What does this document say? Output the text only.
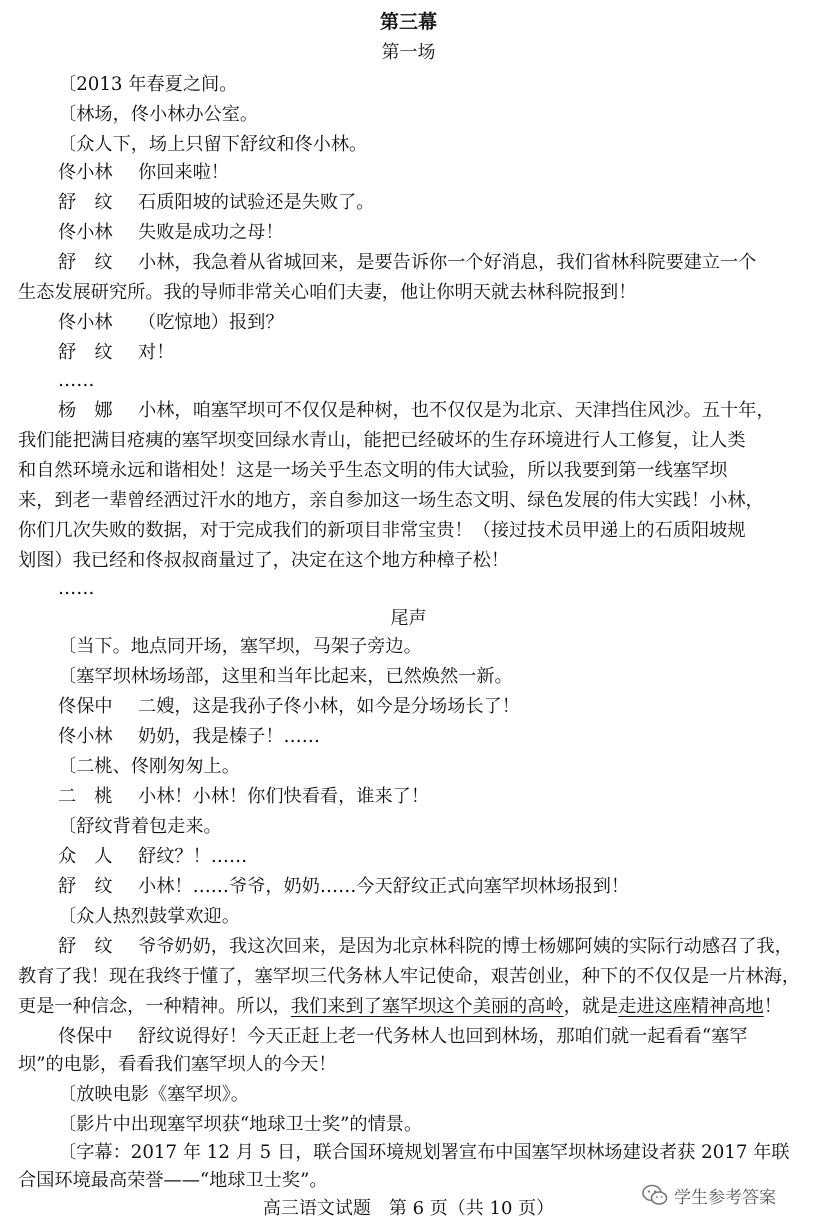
第三幕
第一场
〔2013 年春夏之间。
〔林场，佟小林办公室。
〔众人下，场上只留下舒纹和佟小林。
佟小林 你回来啦！
舒　纹 石质阳坡的试验还是失败了。
佟小林 失败是成功之母！
舒　纹 小林，我急着从省城回来，是要告诉你一个好消息，我们省林科院要建立一个
生态发展研究所。我的导师非常关心咱们夫妻，他让你明天就去林科院报到！
佟小林 （吃惊地）报到？
舒　纹 对！
……
杨　娜 小林，咱塞罕坝可不仅仅是种树，也不仅仅是为北京、天津挡住风沙。五十年，
我们能把满目疮痍的塞罕坝变回绿水青山，能把已经破坏的生存环境进行人工修复，让人类
和自然环境永远和谐相处！这是一场关乎生态文明的伟大试验，所以我要到第一线塞罕坝
来，到老一辈曾经洒过汗水的地方，亲自参加这一场生态文明、绿色发展的伟大实践！小林，
你们几次失败的数据，对于完成我们的新项目非常宝贵！（接过技术员甲递上的石质阳坡规
划图）我已经和佟叔叔商量过了，决定在这个地方种樟子松！
……
尾声
〔当下。地点同开场，塞罕坝，马架子旁边。
〔塞罕坝林场场部，这里和当年比起来，已然焕然一新。
佟保中 二嫂，这是我孙子佟小林，如今是分场场长了！
佟小林 奶奶，我是榛子！……
〔二桃、佟刚匆匆上。
二　桃 小林！小林！你们快看看，谁来了！
〔舒纹背着包走来。
众　人 舒纹？！……
舒　纹 小林！……爷爷，奶奶……今天舒纹正式向塞罕坝林场报到！
〔众人热烈鼓掌欢迎。
舒　纹 爷爷奶奶，我这次回来，是因为北京林科院的博士杨娜阿姨的实际行动感召了我，
教育了我！现在我终于懂了，塞罕坝三代务林人牢记使命，艰苦创业，种下的不仅仅是一片林海，
更是一种信念，一种精神。所以，我们来到了塞罕坝这个美丽的高岭，就是走进这座精神高地！
佟保中 舒纹说得好！今天正赶上老一代务林人也回到林场，那咱们就一起看看“塞罕
坝”的电影，看看我们塞罕坝人的今天！
〔放映电影《塞罕坝》。
〔影片中出现塞罕坝获“地球卫士奖”的情景。
〔字幕：2017 年 12 月 5 日，联合国环境规划署宣布中国塞罕坝林场建设者获 2017 年联
合国环境最高荣誉——“地球卫士奖”。
高三语文试题　第 6 页（共 10 页）
学生参考答案
